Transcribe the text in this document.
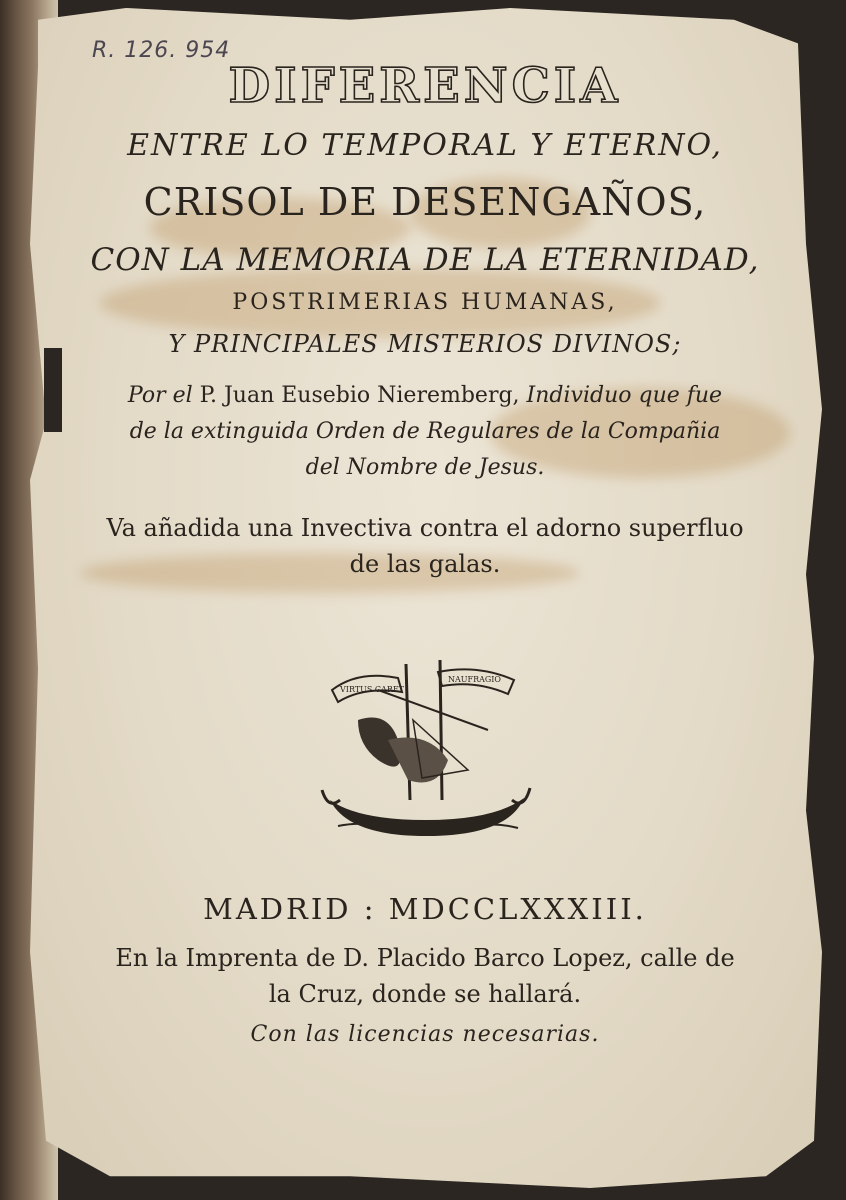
R. 126. 954
DIFERENCIA
ENTRE LO TEMPORAL Y ETERNO,
CRISOL DE DESENGAÑOS,
CON LA MEMORIA DE LA ETERNIDAD,
POSTRIMERIAS HUMANAS,
Y PRINCIPALES MISTERIOS DIVINOS;
Por el P. Juan Eusebio Nieremberg, Individuo que fue
de la extinguida Orden de Regulares de la Compañia
del Nombre de Jesus.
Va añadida una Invectiva contra el adorno superfluo
de las galas.
VIRTUS CARET
NAUFRAGIO
MADRID : MDCCLXXXIII.
En la Imprenta de D. Placido Barco Lopez, calle de
la Cruz, donde se hallará.
Con las licencias necesarias.
